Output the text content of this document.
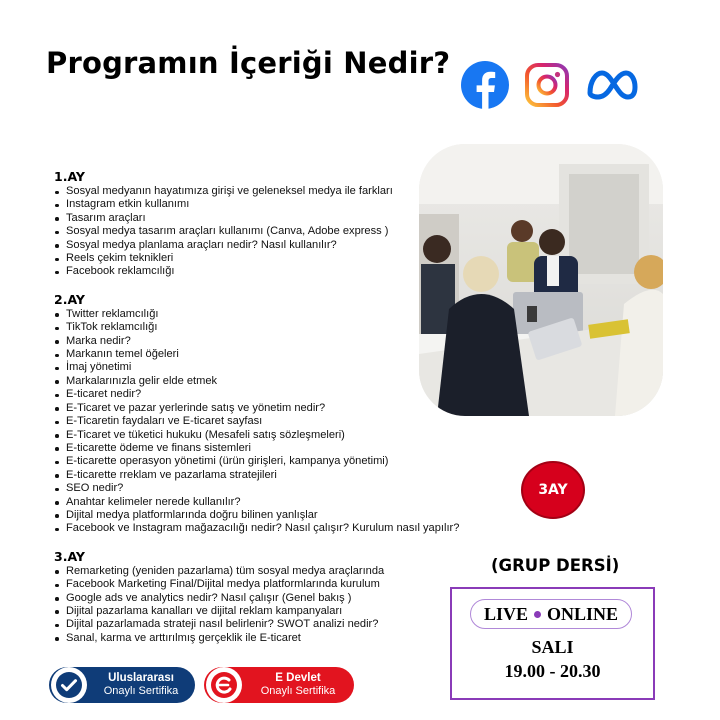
Programın İçeriği Nedir?
1.AY
Sosyal medyanın hayatımıza girişi ve geleneksel medya ile farkları
Instagram etkin kullanımı
Tasarım araçları
Sosyal medya tasarım araçları kullanımı (Canva, Adobe express )
Sosyal medya planlama araçları nedir? Nasıl kullanılır?
Reels çekim teknikleri
Facebook reklamcılığı
2.AY
Twitter reklamcılığı
TikTok reklamcılığı
Marka nedir?
Markanın temel öğeleri
İmaj yönetimi
Markalarınızla gelir elde etmek
E-ticaret nedir?
E-Ticaret ve pazar yerlerinde satış ve yönetim nedir?
E-Ticaretin faydaları ve E-ticaret sayfası
E-Ticaret ve tüketici hukuku (Mesafeli satış sözleşmeleri)
E-ticarette ödeme ve finans sistemleri
E-ticarette operasyon yönetimi (ürün girişleri, kampanya yönetimi)
E-ticarette rreklam ve pazarlama stratejileri
SEO nedir?
Anahtar kelimeler nerede kullanılır?
Dijital medya platformlarında doğru bilinen yanlışlar
Facebook ve Instagram mağazacılığı nedir? Nasıl çalışır? Kurulum nasıl yapılır?
3.AY
Remarketing (yeniden pazarlama) tüm sosyal medya araçlarında
Facebook Marketing Final/Dijital medya platformlarında kurulum
Google ads ve analytics nedir? Nasıl çalışır (Genel bakış )
Dijital pazarlama kanalları ve dijital reklam kampanyaları
Dijital pazarlamada strateji nasıl belirlenir? SWOT analizi nedir?
Sanal, karma ve arttırılmış gerçeklik ile E-ticaret
3AY
(GRUP DERSİ)
LIVE ONLINE
SALI
19.00 - 20.30
Uluslararası
Onaylı Sertifika
E Devlet
Onaylı Sertifika
